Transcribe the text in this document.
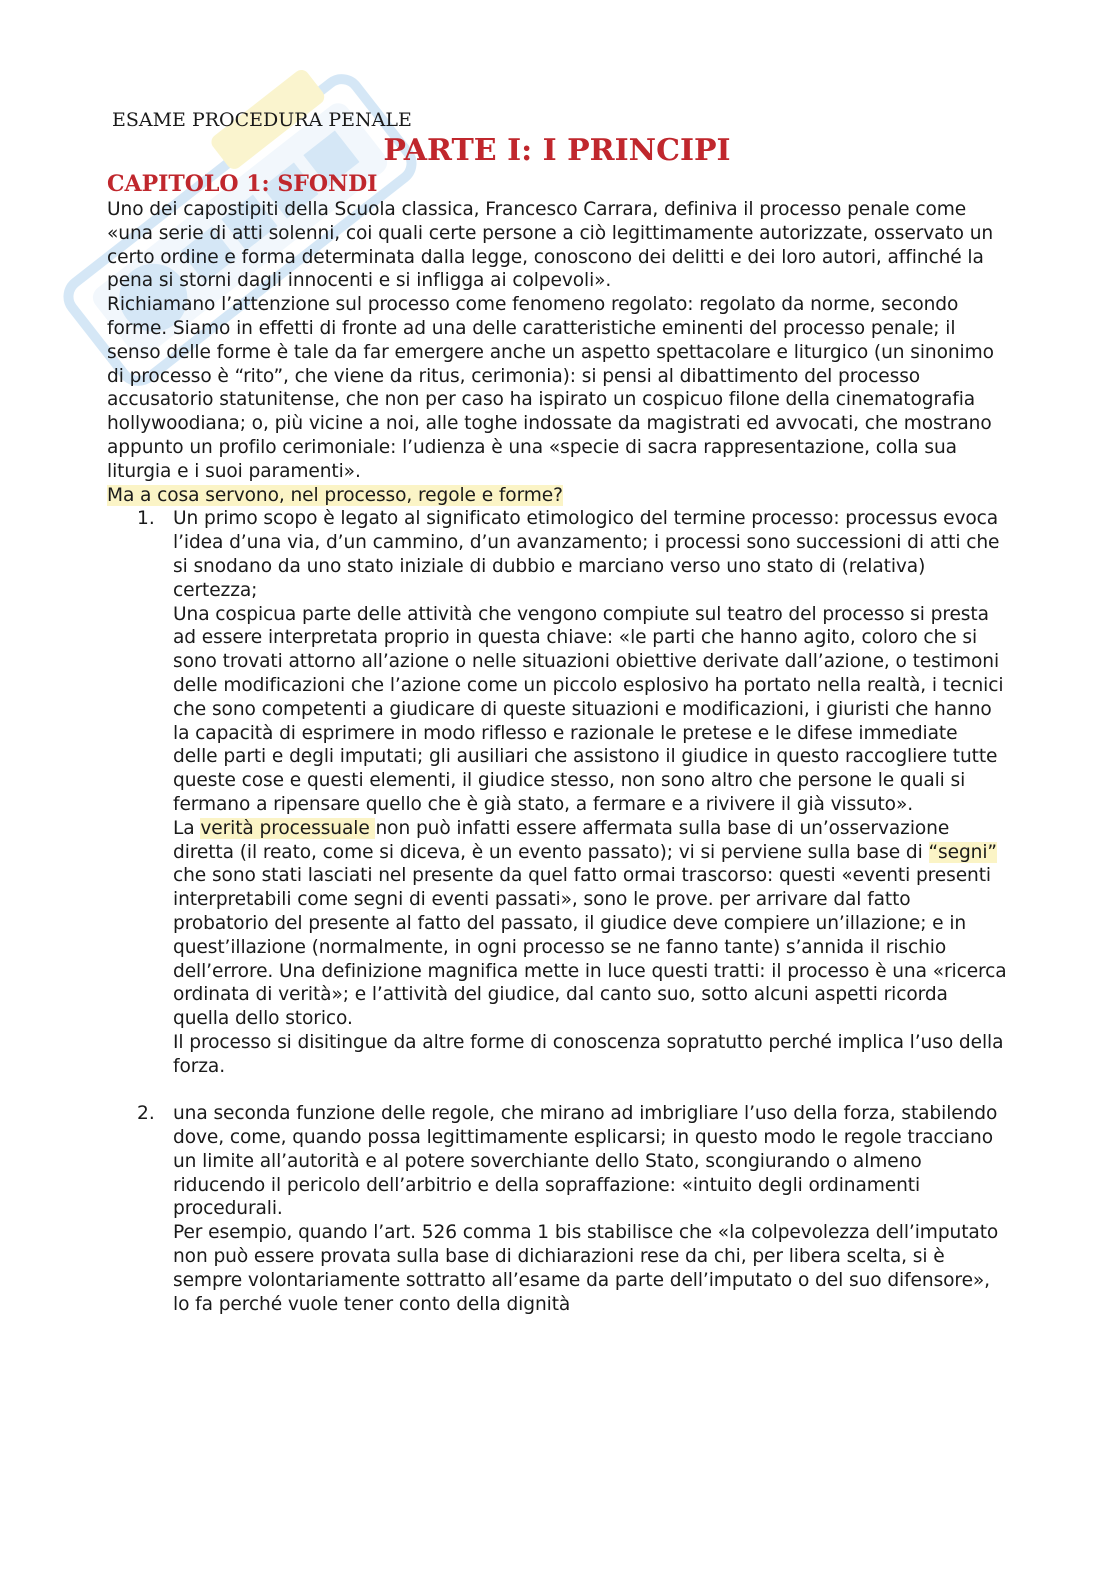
ESAME PROCEDURA PENALE
PARTE I: I PRINCIPI
CAPITOLO 1: SFONDI

Uno dei capostipiti della Scuola classica, Francesco Carrara, definiva il processo penale come «una serie di atti solenni, coi quali certe persone a ciò legittimamente autorizzate, osservato un certo ordine e forma determinata dalla legge, conoscono dei delitti e dei loro autori, affinché la pena si storni dagli innocenti e si infligga ai colpevoli».

Richiamano l’attenzione sul processo come fenomeno regolato: regolato da norme, secondo forme. Siamo in effetti di fronte ad una delle caratteristiche eminenti del processo penale; il senso delle forme è tale da far emergere anche un aspetto spettacolare e liturgico (un sinonimo di processo è “rito”, che viene da ritus, cerimonia): si pensi al dibattimento del processo accusatorio statunitense, che non per caso ha ispirato un cospicuo filone della cinematografia hollywoodiana; o, più vicine a noi, alle toghe indossate da magistrati ed avvocati, che mostrano appunto un profilo cerimoniale: l’udienza è una «specie di sacra rappresentazione, colla sua liturgia e i suoi paramenti».

Ma a cosa servono, nel processo, regole e forme?

1. Un primo scopo è legato al significato etimologico del termine processo: processus evoca l’idea d’una via, d’un cammino, d’un avanzamento; i processi sono successioni di atti che si snodano da uno stato iniziale di dubbio e marciano verso uno stato di (relativa) certezza;

Una cospicua parte delle attività che vengono compiute sul teatro del processo si presta ad essere interpretata proprio in questa chiave: «le parti che hanno agito, coloro che si sono trovati attorno all’azione o nelle situazioni obiettive derivate dall’azione, o testimoni delle modificazioni che l’azione come un piccolo esplosivo ha portato nella realtà, i tecnici che sono competenti a giudicare di queste situazioni e modificazioni, i giuristi che hanno la capacità di esprimere in modo riflesso e razionale le pretese e le difese immediate delle parti e degli imputati; gli ausiliari che assistono il giudice in questo raccogliere tutte queste cose e questi elementi, il giudice stesso, non sono altro che persone le quali si fermano a ripensare quello che è già stato, a fermare e a rivivere il già vissuto».

La verità processuale non può infatti essere affermata sulla base di un’osservazione diretta (il reato, come si diceva, è un evento passato); vi si perviene sulla base di “segni” che sono stati lasciati nel presente da quel fatto ormai trascorso: questi «eventi presenti interpretabili come segni di eventi passati», sono le prove. per arrivare dal fatto probatorio del presente al fatto del passato, il giudice deve compiere un’illazione; e in quest’illazione (normalmente, in ogni processo se ne fanno tante) s’annida il rischio dell’errore. Una definizione magnifica mette in luce questi tratti: il processo è una «ricerca ordinata di verità»; e l’attività del giudice, dal canto suo, sotto alcuni aspetti ricorda quella dello storico.

Il processo si disitingue da altre forme di conoscenza sopratutto perché implica l’uso della forza.

2. una seconda funzione delle regole, che mirano ad imbrigliare l’uso della forza, stabilendo dove, come, quando possa legittimamente esplicarsi; in questo modo le regole tracciano un limite all’autorità e al potere soverchiante dello Stato, scongiurando o almeno riducendo il pericolo dell’arbitrio e della sopraffazione: «intuito degli ordinamenti procedurali.

Per esempio, quando l’art. 526 comma 1 bis stabilisce che «la colpevolezza dell’imputato non può essere provata sulla base di dichiarazioni rese da chi, per libera scelta, si è sempre volontariamente sottratto all’esame da parte dell’imputato o del suo difensore», lo fa perché vuole tener conto della dignità
